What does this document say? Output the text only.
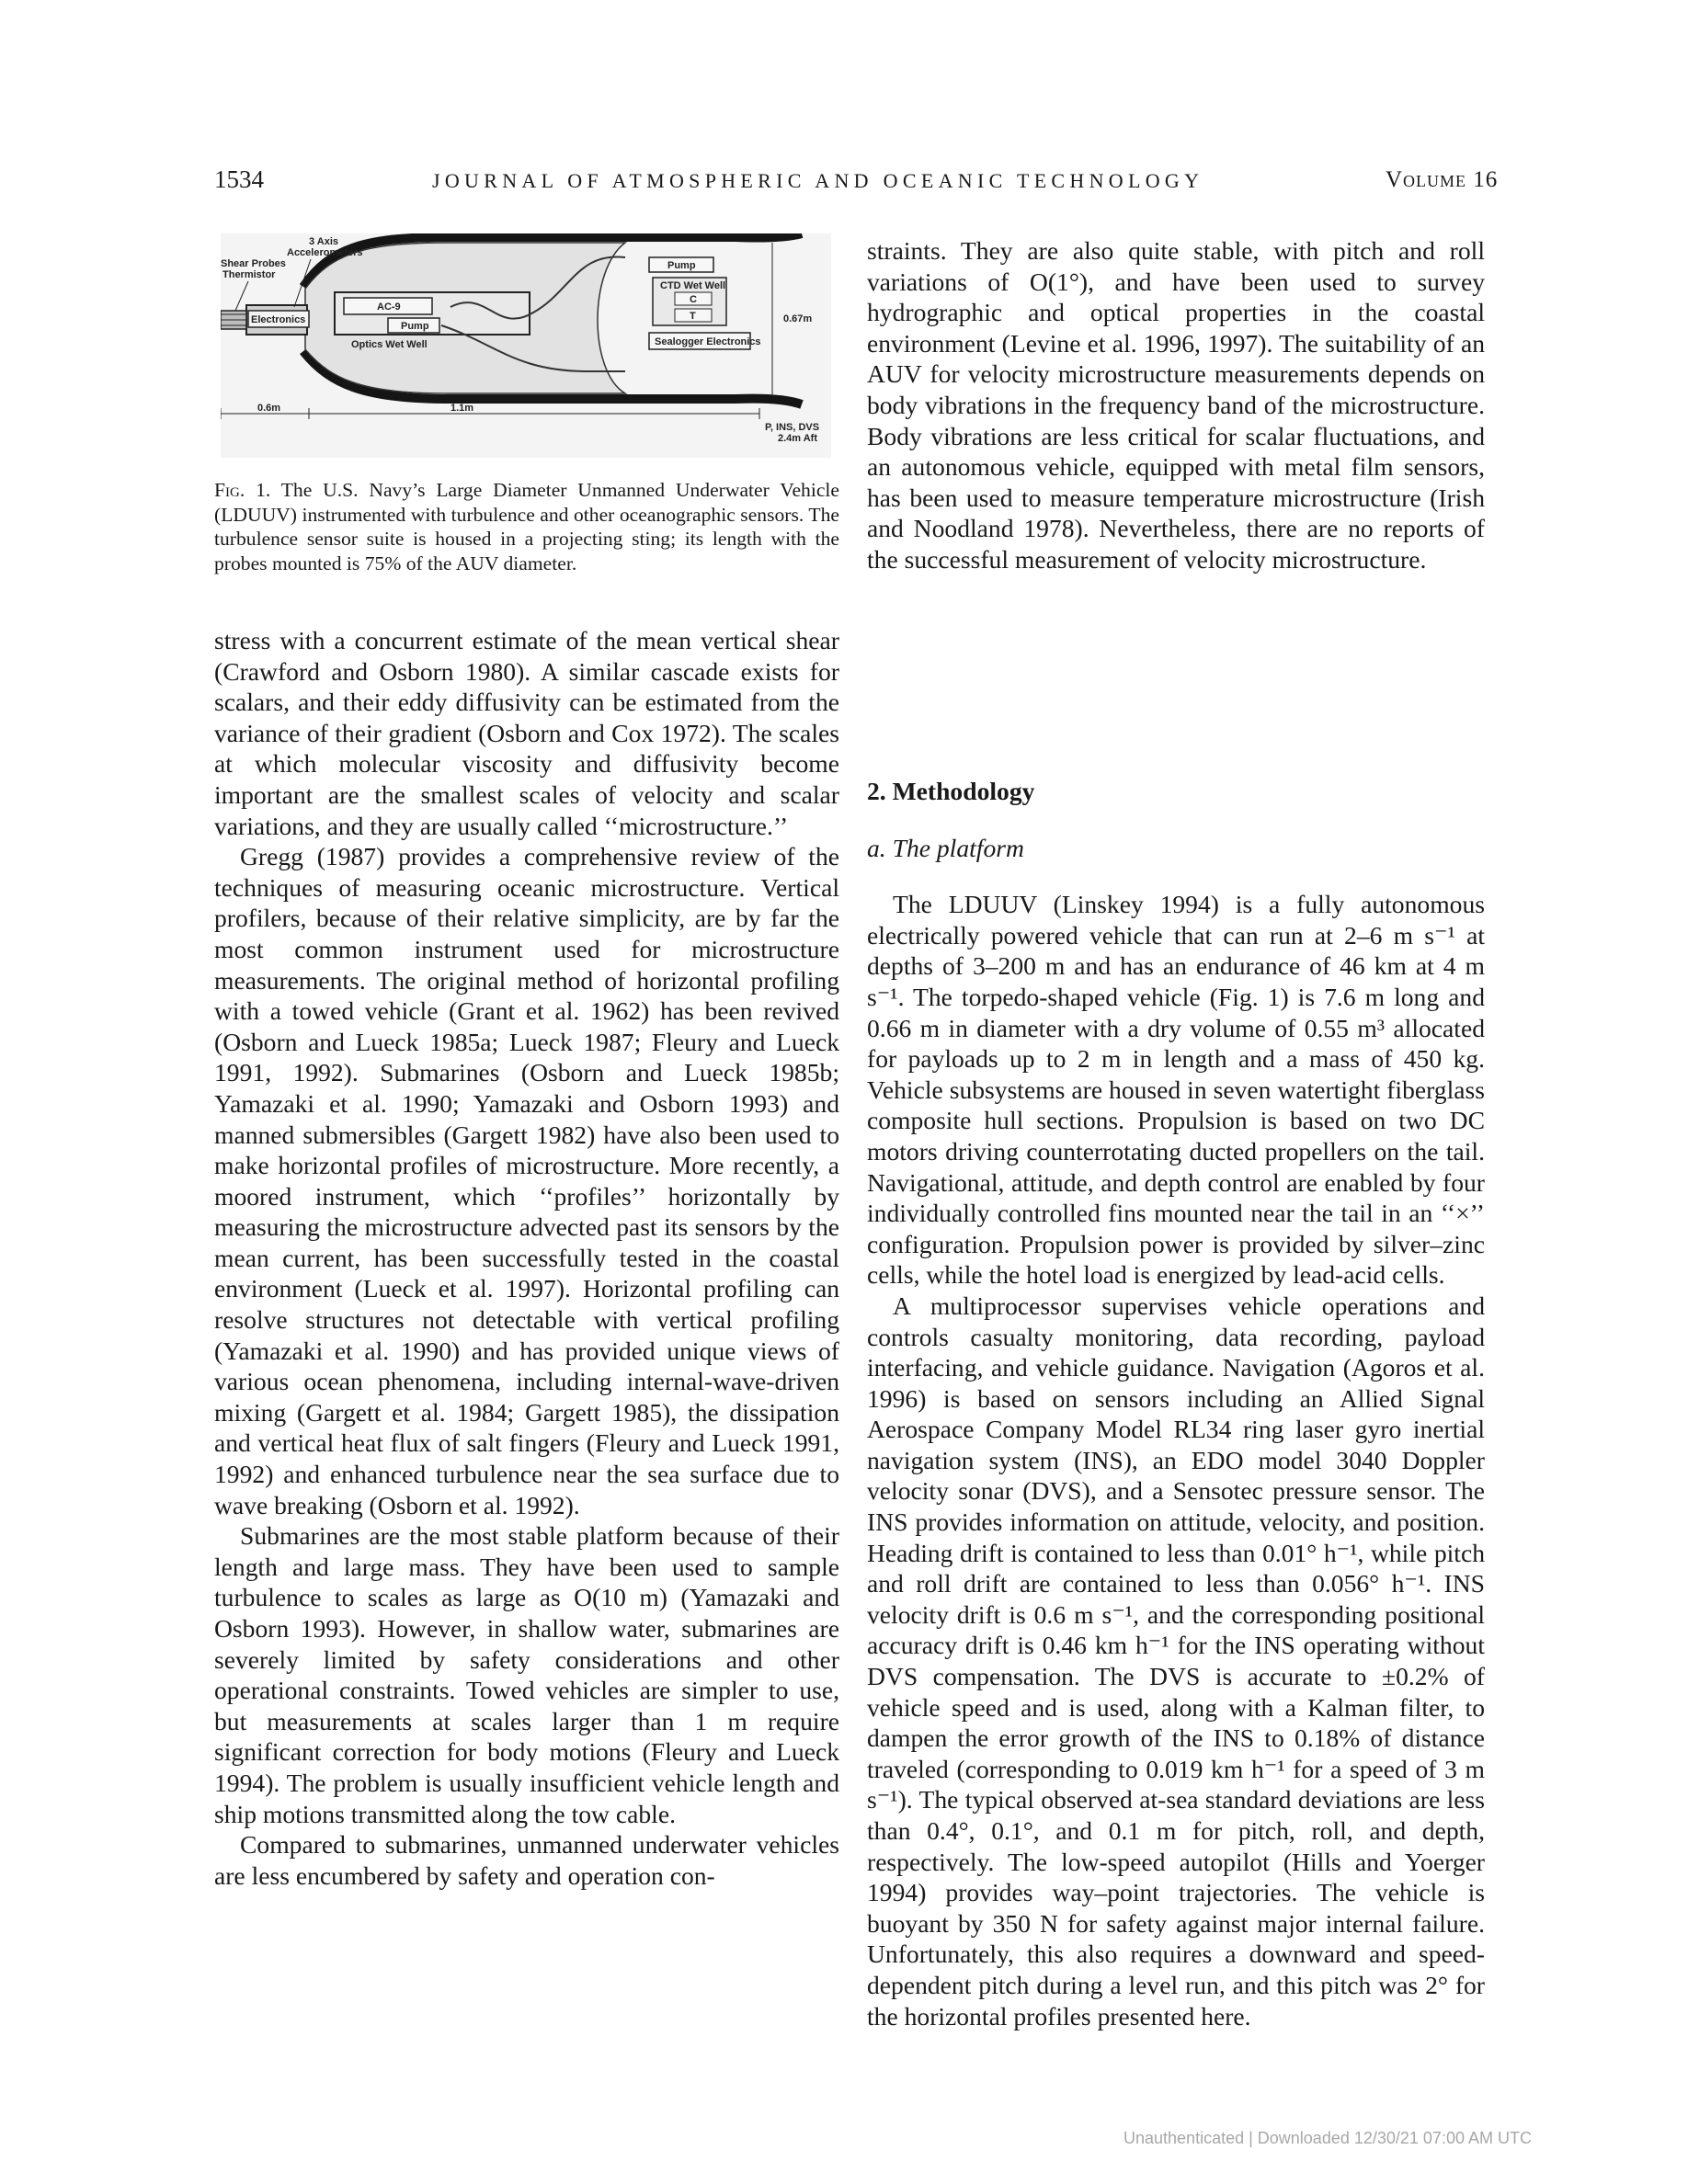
1534	JOURNAL OF ATMOSPHERIC AND OCEANIC TECHNOLOGY	Volume 16
Electronics
3 Axis Accelerometers
Shear Probes Thermistor
AC-9
Pump
Optics Wet Well
Pump
CTD Wet Well
C
T
Sealogger Electronics
0.67m
0.6m	1.1m
P, INS, DVS 2.4m Aft
Fig. 1. The U.S. Navy’s Large Diameter Unmanned Underwater Vehicle (LDUUV) instrumented with turbulence and other oceanographic sensors. The turbulence sensor suite is housed in a projecting sting; its length with the probes mounted is 75% of the AUV diameter.

stress with a concurrent estimate of the mean vertical shear (Crawford and Osborn 1980). A similar cascade exists for scalars, and their eddy diffusivity can be estimated from the variance of their gradient (Osborn and Cox 1972). The scales at which molecular viscosity and diffusivity become important are the smallest scales of velocity and scalar variations, and they are usually called ‘‘microstructure.’’

Gregg (1987) provides a comprehensive review of the techniques of measuring oceanic microstructure. Vertical profilers, because of their relative simplicity, are by far the most common instrument used for microstructure measurements. The original method of horizontal profiling with a towed vehicle (Grant et al. 1962) has been revived (Osborn and Lueck 1985a; Lueck 1987; Fleury and Lueck 1991, 1992). Submarines (Osborn and Lueck 1985b; Yamazaki et al. 1990; Yamazaki and Osborn 1993) and manned submersibles (Gargett 1982) have also been used to make horizontal profiles of microstructure. More recently, a moored instrument, which ‘‘profiles’’ horizontally by measuring the microstructure advected past its sensors by the mean current, has been successfully tested in the coastal environment (Lueck et al. 1997). Horizontal profiling can resolve structures not detectable with vertical profiling (Yamazaki et al. 1990) and has provided unique views of various ocean phenomena, including internal-wave-driven mixing (Gargett et al. 1984; Gargett 1985), the dissipation and vertical heat flux of salt fingers (Fleury and Lueck 1991, 1992) and enhanced turbulence near the sea surface due to wave breaking (Osborn et al. 1992).

Submarines are the most stable platform because of their length and large mass. They have been used to sample turbulence to scales as large as O(10 m) (Yamazaki and Osborn 1993). However, in shallow water, submarines are severely limited by safety considerations and other operational constraints. Towed vehicles are simpler to use, but measurements at scales larger than 1 m require significant correction for body motions (Fleury and Lueck 1994). The problem is usually insufficient vehicle length and ship motions transmitted along the tow cable.

Compared to submarines, unmanned underwater vehicles are less encumbered by safety and operation con-

straints. They are also quite stable, with pitch and roll variations of O(1°), and have been used to survey hydrographic and optical properties in the coastal environment (Levine et al. 1996, 1997). The suitability of an AUV for velocity microstructure measurements depends on body vibrations in the frequency band of the microstructure. Body vibrations are less critical for scalar fluctuations, and an autonomous vehicle, equipped with metal film sensors, has been used to measure temperature microstructure (Irish and Noodland 1978). Nevertheless, there are no reports of the successful measurement of velocity microstructure.

2. Methodology

a. The platform

The LDUUV (Linskey 1994) is a fully autonomous electrically powered vehicle that can run at 2–6 m s⁻¹ at depths of 3–200 m and has an endurance of 46 km at 4 m s⁻¹. The torpedo-shaped vehicle (Fig. 1) is 7.6 m long and 0.66 m in diameter with a dry volume of 0.55 m³ allocated for payloads up to 2 m in length and a mass of 450 kg. Vehicle subsystems are housed in seven watertight fiberglass composite hull sections. Propulsion is based on two DC motors driving counterrotating ducted propellers on the tail. Navigational, attitude, and depth control are enabled by four individually controlled fins mounted near the tail in an ‘‘×’’ configuration. Propulsion power is provided by silver–zinc cells, while the hotel load is energized by lead-acid cells.

A multiprocessor supervises vehicle operations and controls casualty monitoring, data recording, payload interfacing, and vehicle guidance. Navigation (Agoros et al. 1996) is based on sensors including an Allied Signal Aerospace Company Model RL34 ring laser gyro inertial navigation system (INS), an EDO model 3040 Doppler velocity sonar (DVS), and a Sensotec pressure sensor. The INS provides information on attitude, velocity, and position. Heading drift is contained to less than 0.01° h⁻¹, while pitch and roll drift are contained to less than 0.056° h⁻¹. INS velocity drift is 0.6 m s⁻¹, and the corresponding positional accuracy drift is 0.46 km h⁻¹ for the INS operating without DVS compensation. The DVS is accurate to ±0.2% of vehicle speed and is used, along with a Kalman filter, to dampen the error growth of the INS to 0.18% of distance traveled (corresponding to 0.019 km h⁻¹ for a speed of 3 m s⁻¹). The typical observed at-sea standard deviations are less than 0.4°, 0.1°, and 0.1 m for pitch, roll, and depth, respectively. The low-speed autopilot (Hills and Yoerger 1994) provides way–point trajectories. The vehicle is buoyant by 350 N for safety against major internal failure. Unfortunately, this also requires a downward and speed-dependent pitch during a level run, and this pitch was 2° for the horizontal profiles presented here.

Unauthenticated | Downloaded 12/30/21 07:00 AM UTC
